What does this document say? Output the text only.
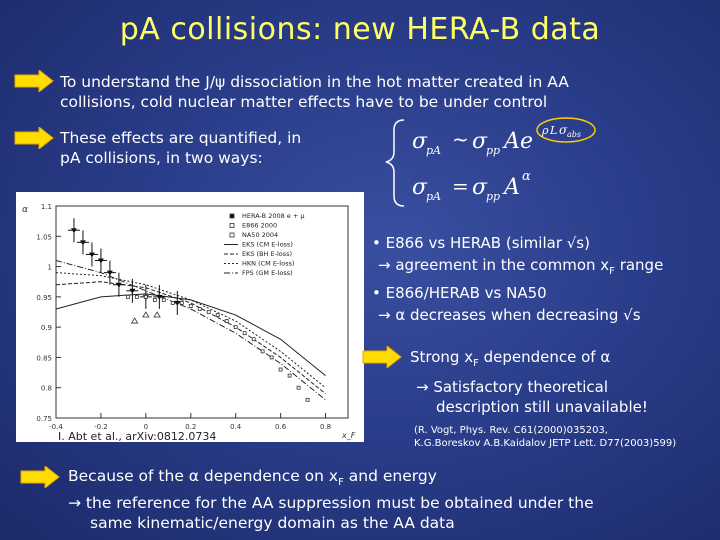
pA collisions: new HERA-B data
To understand the J/ψ dissociation in the hot matter created in AA
collisions, cold nuclear matter effects have to be under control
These effects are quantified, in
pA collisions, in two ways:
σ
pA ~ σ
pp A e ρ L σ abs
σ
pA = σ
pp A α
-0.4	-0.2	0	0.2	0.4	0.6	0.8
0.75
0.8
0.85
0.9
0.95
1
1.05
1.1
x_F
α
HERA-B 2008 e + μ
E866 2000
NA50 2004
EKS (CM E-loss)
EKS (BH E-loss)
HKN (CM E-loss)
FPS (GM E-loss)
I. Abt et al., arXiv:0812.0734
• E866 vs HERAB (similar √s)
→ agreement in the common $x_F$ range
• E866/HERAB vs NA50
→ α decreases when decreasing √s
Strong $x_F$ dependence of α
→ Satisfactory theoretical
description still unavailable!
(R. Vogt, Phys. Rev. C61(2000)035203,
K.G.Boreskov A.B.Kaidalov JETP Lett. D77(2003)599)
Because of the α dependence on $x_F$ and energy
→ the reference for the AA suppression must be obtained under the
same kinematic/energy domain as the AA data
